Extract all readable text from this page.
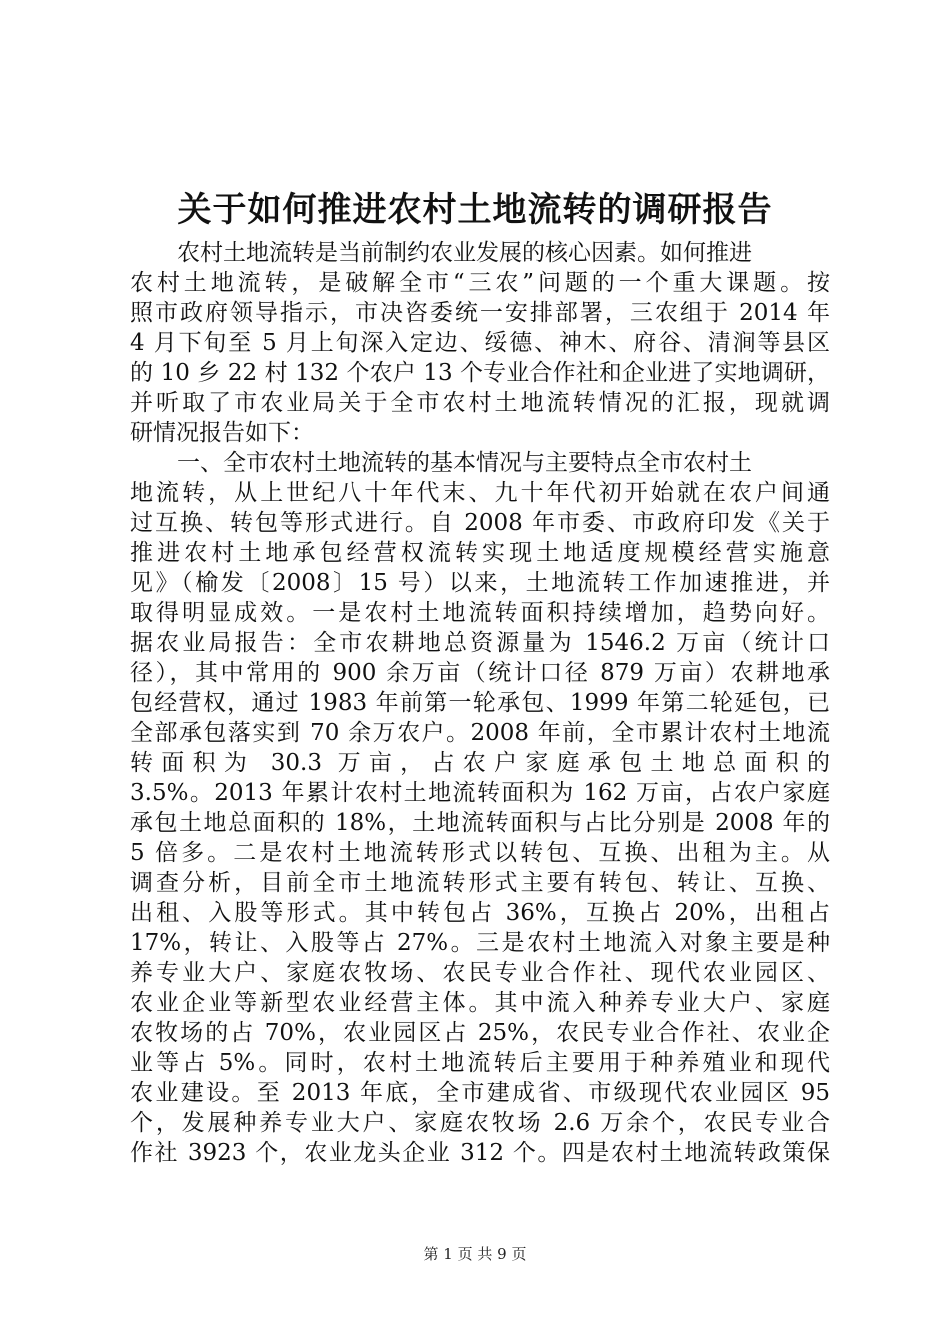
关于如何推进农村土地流转的调研报告
农村土地流转是当前制约农业发展的核心因素。如何推进
农村土地流转，是破解全市“三农”问题的一个重大课题。按
照市政府领导指示，市决咨委统一安排部署，三农组于 2014 年
4 月下旬至 5 月上旬深入定边、绥德、神木、府谷、清涧等县区
的 10 乡 22 村 132 个农户 13 个专业合作社和企业进了实地调研，
并听取了市农业局关于全市农村土地流转情况的汇报，现就调
研情况报告如下：
一、全市农村土地流转的基本情况与主要特点全市农村土
地流转，从上世纪八十年代末、九十年代初开始就在农户间通
过互换、转包等形式进行。自 2008 年市委、市政府印发《关于
推进农村土地承包经营权流转实现土地适度规模经营实施意
见》（榆发〔2008〕15 号）以来，土地流转工作加速推进，并
取得明显成效。一是农村土地流转面积持续增加，趋势向好。
据农业局报告：全市农耕地总资源量为 1546.2 万亩（统计口
径），其中常用的 900 余万亩（统计口径 879 万亩）农耕地承
包经营权，通过 1983 年前第一轮承包、1999 年第二轮延包，已
全部承包落实到 70 余万农户。2008 年前，全市累计农村土地流
转面积为 30.3 万亩，占农户家庭承包土地总面积的
3.5%。2013 年累计农村土地流转面积为 162 万亩，占农户家庭
承包土地总面积的 18%，土地流转面积与占比分别是 2008 年的
5 倍多。二是农村土地流转形式以转包、互换、出租为主。从
调查分析，目前全市土地流转形式主要有转包、转让、互换、
出租、入股等形式。其中转包占 36%，互换占 20%，出租占
17%，转让、入股等占 27%。三是农村土地流入对象主要是种
养专业大户、家庭农牧场、农民专业合作社、现代农业园区、
农业企业等新型农业经营主体。其中流入种养专业大户、家庭
农牧场的占 70%，农业园区占 25%，农民专业合作社、农业企
业等占 5%。同时，农村土地流转后主要用于种养殖业和现代
农业建设。至 2013 年底，全市建成省、市级现代农业园区 95
个，发展种养专业大户、家庭农牧场 2.6 万余个，农民专业合
作社 3923 个，农业龙头企业 312 个。四是农村土地流转政策保
第 1 页 共 9 页
